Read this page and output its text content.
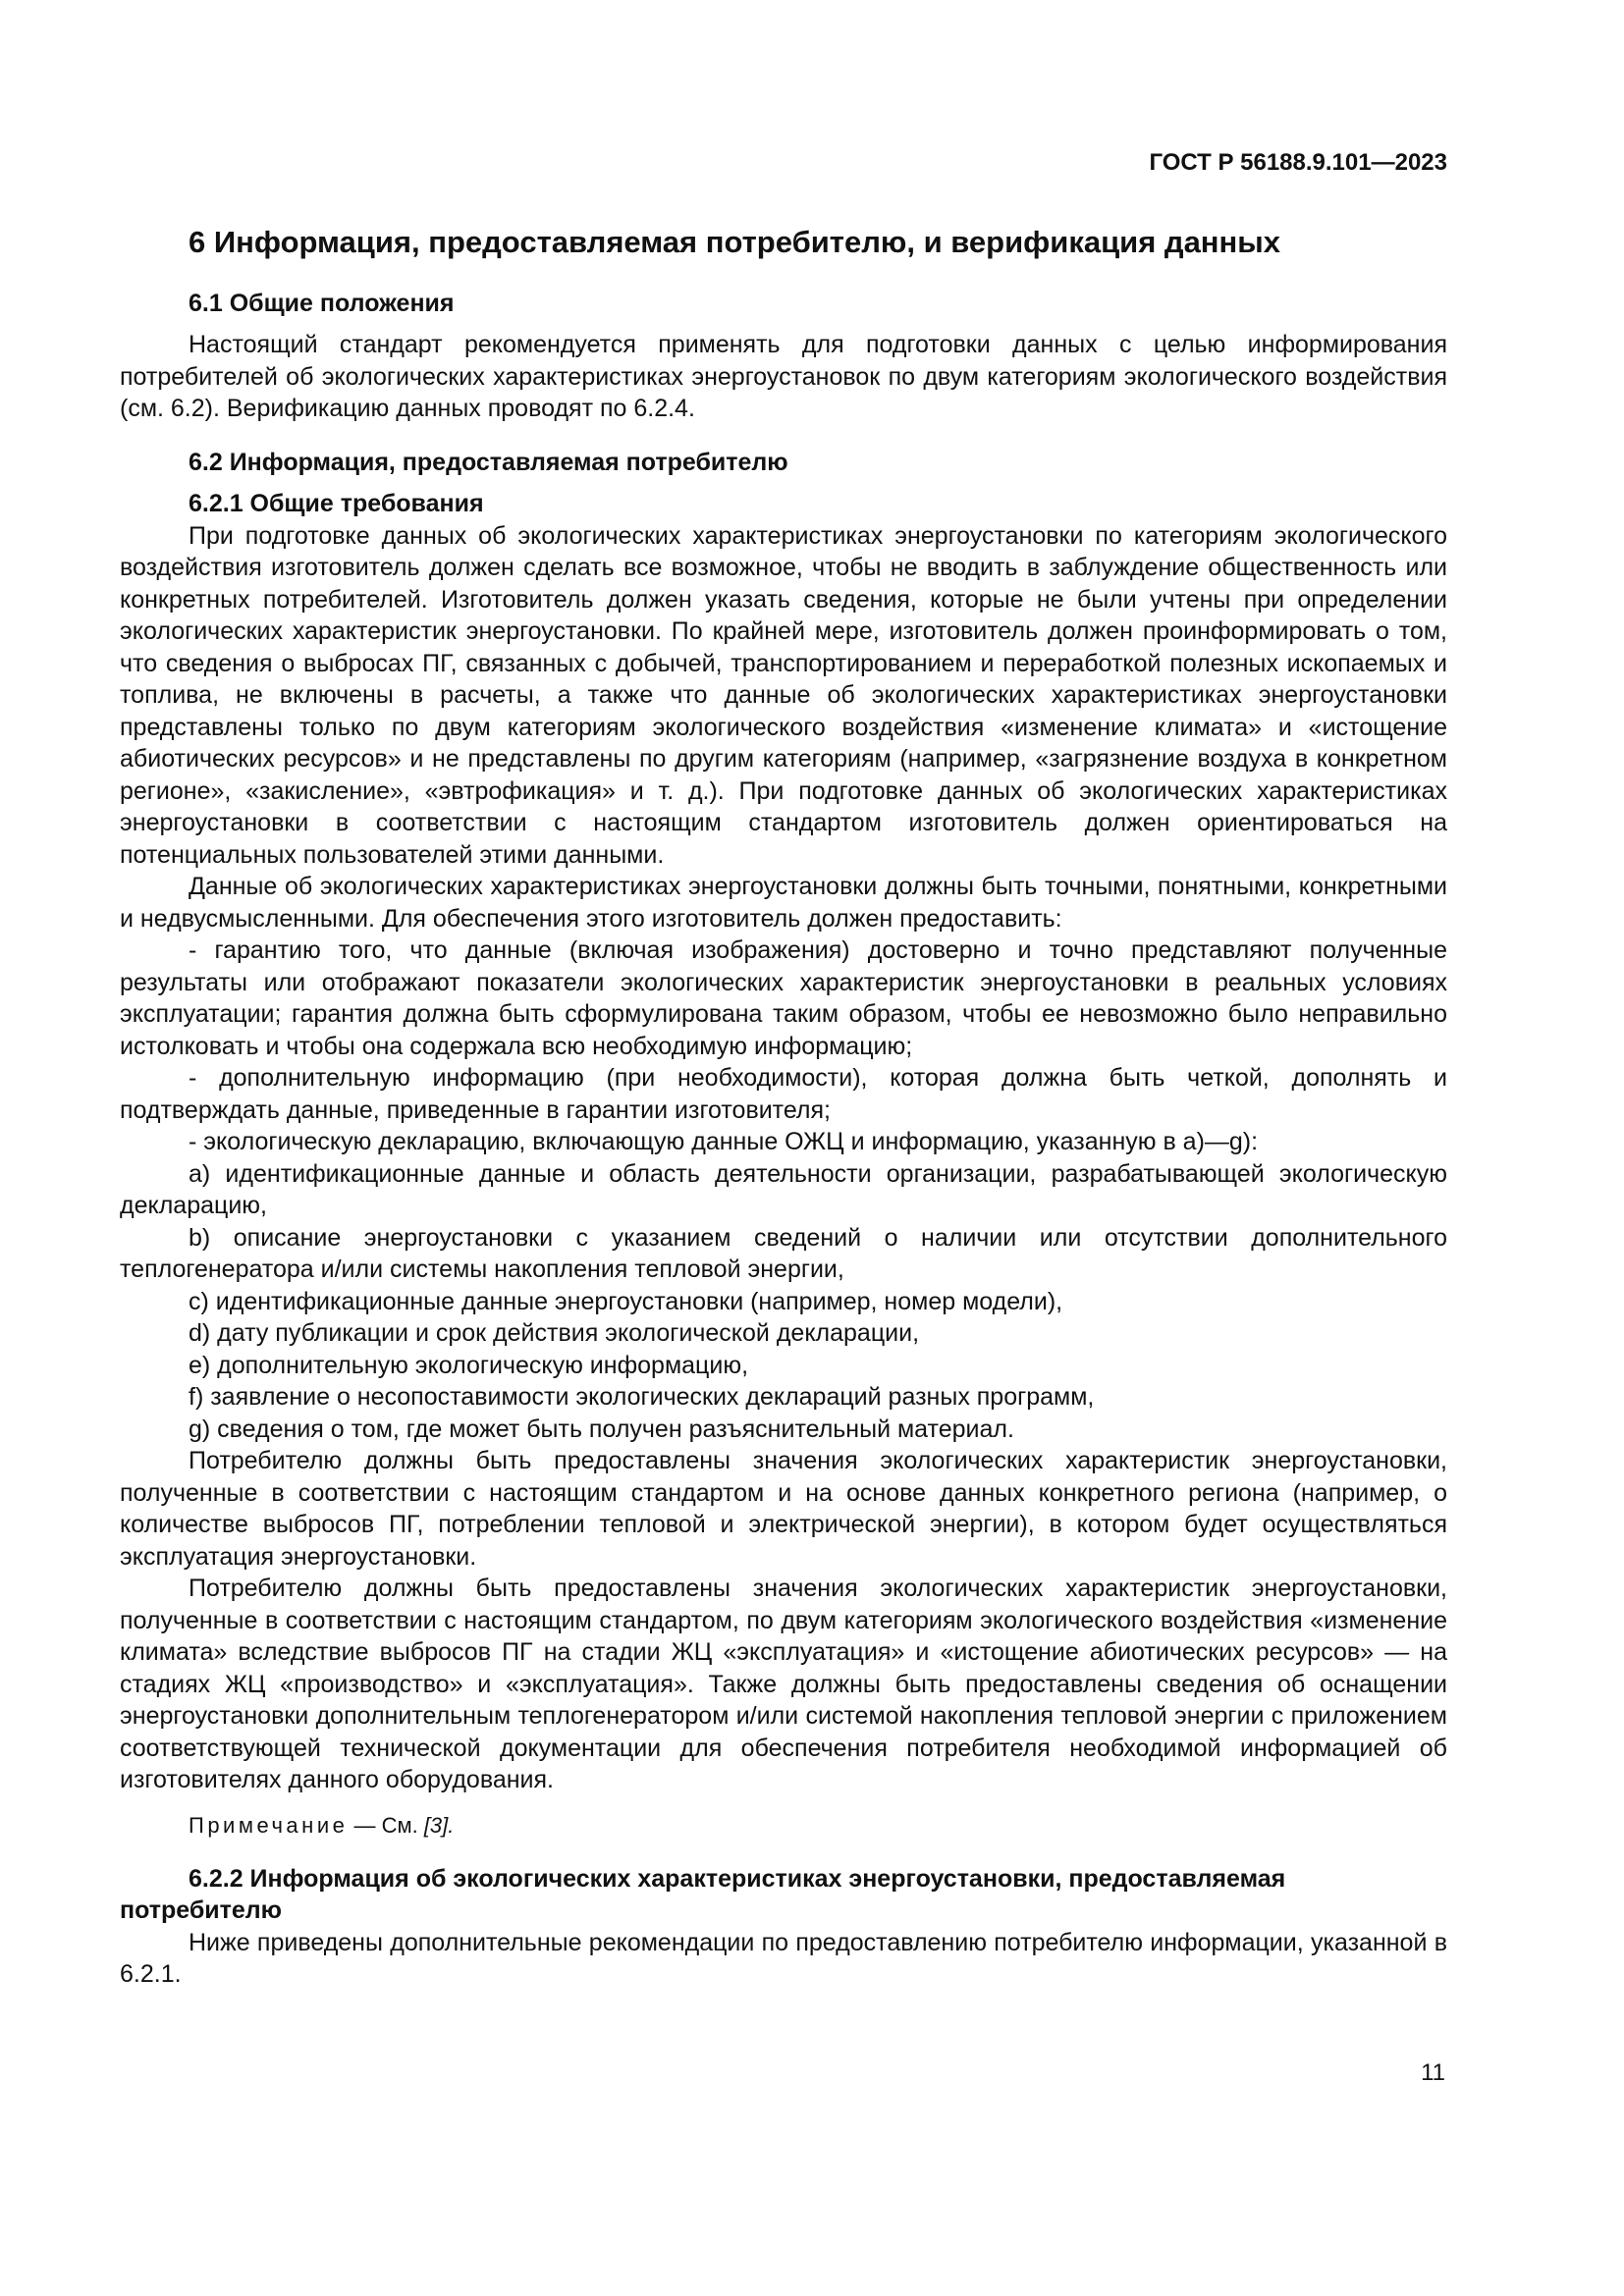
ГОСТ Р 56188.9.101—2023
6 Информация, предоставляемая потребителю, и верификация данных
6.1 Общие положения

Настоящий стандарт рекомендуется применять для подготовки данных с целью информирования потребителей об экологических характеристиках энергоустановок по двум категориям экологического воздействия (см. 6.2). Верификацию данных проводят по 6.2.4.

6.2 Информация, предоставляемая потребителю
6.2.1 Общие требования

При подготовке данных об экологических характеристиках энергоустановки по категориям экологического воздействия изготовитель должен сделать все возможное, чтобы не вводить в заблуждение общественность или конкретных потребителей. Изготовитель должен указать сведения, которые не были учтены при определении экологических характеристик энергоустановки. По крайней мере, изготовитель должен проинформировать о том, что сведения о выбросах ПГ, связанных с добычей, транспортированием и переработкой полезных ископаемых и топлива, не включены в расчеты, а также что данные об экологических характеристиках энергоустановки представлены только по двум категориям экологического воздействия «изменение климата» и «истощение абиотических ресурсов» и не представлены по другим категориям (например, «загрязнение воздуха в конкретном регионе», «закисление», «эвтрофикация» и т. д.). При подготовке данных об экологических характеристиках энергоустановки в соответствии с настоящим стандартом изготовитель должен ориентироваться на потенциальных пользователей этими данными.

Данные об экологических характеристиках энергоустановки должны быть точными, понятными, конкретными и недвусмысленными. Для обеспечения этого изготовитель должен предоставить:

- гарантию того, что данные (включая изображения) достоверно и точно представляют полученные результаты или отображают показатели экологических характеристик энергоустановки в реальных условиях эксплуатации; гарантия должна быть сформулирована таким образом, чтобы ее невозможно было неправильно истолковать и чтобы она содержала всю необходимую информацию;

- дополнительную информацию (при необходимости), которая должна быть четкой, дополнять и подтверждать данные, приведенные в гарантии изготовителя;

- экологическую декларацию, включающую данные ОЖЦ и информацию, указанную в а)—g):

а) идентификационные данные и область деятельности организации, разрабатывающей экологическую декларацию,

b) описание энергоустановки с указанием сведений о наличии или отсутствии дополнительного теплогенератора и/или системы накопления тепловой энергии,

c) идентификационные данные энергоустановки (например, номер модели),

d) дату публикации и срок действия экологической декларации,

e) дополнительную экологическую информацию,

f) заявление о несопоставимости экологических деклараций разных программ,

g) сведения о том, где может быть получен разъяснительный материал.

Потребителю должны быть предоставлены значения экологических характеристик энергоустановки, полученные в соответствии с настоящим стандартом и на основе данных конкретного региона (например, о количестве выбросов ПГ, потреблении тепловой и электрической энергии), в котором будет осуществляться эксплуатация энергоустановки.

Потребителю должны быть предоставлены значения экологических характеристик энергоустановки, полученные в соответствии с настоящим стандартом, по двум категориям экологического воздействия «изменение климата» вследствие выбросов ПГ на стадии ЖЦ «эксплуатация» и «истощение абиотических ресурсов» — на стадиях ЖЦ «производство» и «эксплуатация». Также должны быть предоставлены сведения об оснащении энергоустановки дополнительным теплогенератором и/или системой накопления тепловой энергии с приложением соответствующей технической документации для обеспечения потребителя необходимой информацией об изготовителях данного оборудования.

Примечание — См. [3].
6.2.2 Информация об экологических характеристиках энергоустановки, предоставляемая потребителю

Ниже приведены дополнительные рекомендации по предоставлению потребителю информации, указанной в 6.2.1.

11
